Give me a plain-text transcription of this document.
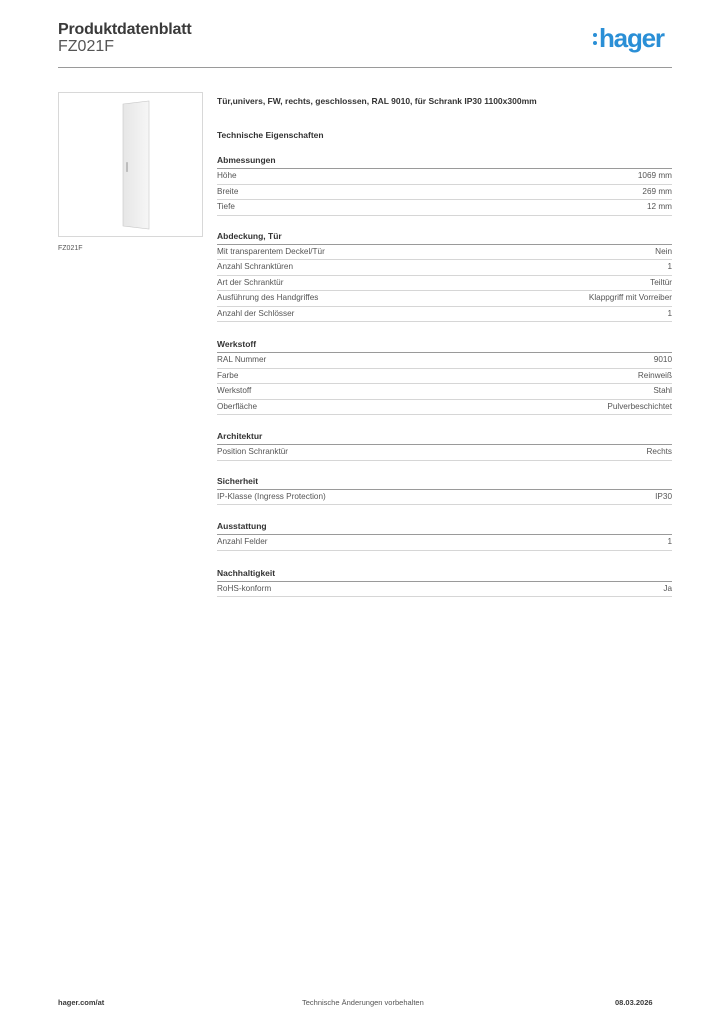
Produktdatenblatt
FZ021F	hager
FZ021F

Tür,univers, FW, rechts, geschlossen, RAL 9010, für Schrank IP30 1100x300mm

Technische Eigenschaften
Abmessungen
Höhe	1069 mm
Breite	269 mm
Tiefe	12 mm
Abdeckung, Tür
Mit transparentem Deckel/Tür	Nein
Anzahl Schranktüren	1
Art der Schranktür	Teiltür
Ausführung des Handgriffes	Klappgriff mit Vorreiber
Anzahl der Schlösser	1
Werkstoff
RAL Nummer	9010
Farbe	Reinweiß
Werkstoff	Stahl
Oberfläche	Pulverbeschichtet
Architektur
Position Schranktür	Rechts
Sicherheit
IP-Klasse (Ingress Protection)	IP30
Ausstattung
Anzahl Felder	1
Nachhaltigkeit
RoHS-konform	Ja
hager.com/at	Technische Änderungen vorbehalten	08.03.2026
